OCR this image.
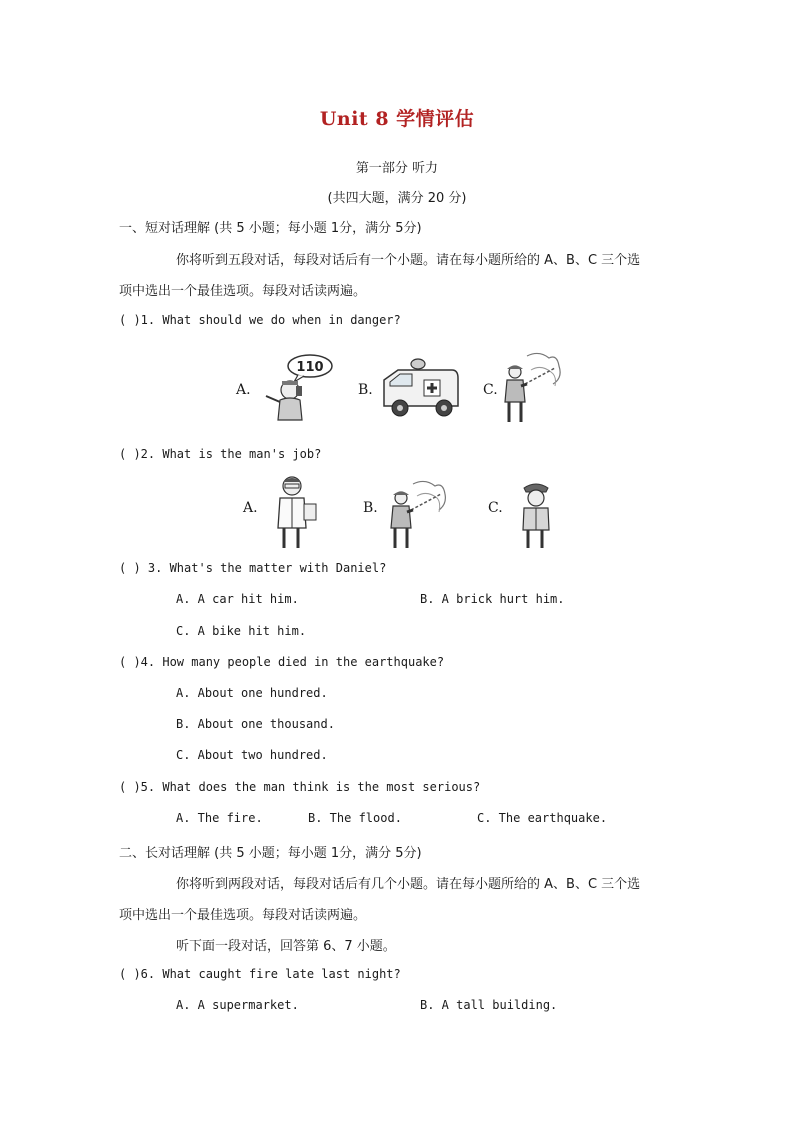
Unit 8 学情评估
第一部分 听力
(共四大题，满分 20 分)
一、短对话理解 (共 5 小题；每小题 1分，满分 5分)
你将听到五段对话，每段对话后有一个小题。请在每小题所给的 A、B、C 三个选
项中选出一个最佳选项。每段对话读两遍。
( )1. What should we do when in danger?
A.	B.	C.
110
( )2. What is the man's job?
A.	B.	C.
( ) 3. What's the matter with Daniel?
A. A car hit him.	B. A brick hurt him.
C. A bike hit him.
( )4. How many people died in the earthquake?
A. About one hundred.
B. About one thousand.
C. About two hundred.
( )5. What does the man think is the most serious?
A. The fire.	B. The flood.	C. The earthquake.
二、长对话理解 (共 5 小题；每小题 1分，满分 5分)
你将听到两段对话，每段对话后有几个小题。请在每小题所给的 A、B、C 三个选
项中选出一个最佳选项。每段对话读两遍。
听下面一段对话，回答第 6、7 小题。
( )6. What caught fire late last night?
A. A supermarket.	B. A tall building.
